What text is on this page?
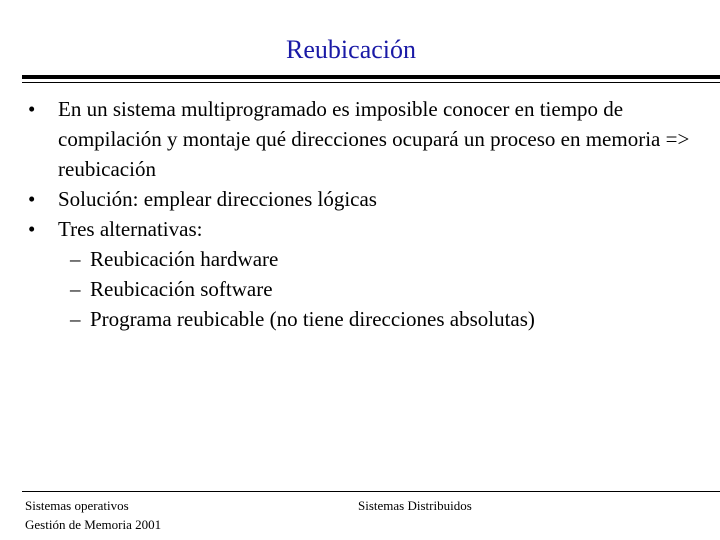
Reubicación
•	En un sistema multiprogramado es imposible conocer en tiempo de compilación y montaje qué direcciones ocupará un proceso en memoria => reubicación
•	Solución: emplear direcciones lógicas
•	Tres alternativas:
– Reubicación hardware
– Reubicación software
– Programa reubicable (no tiene direcciones absolutas)
Sistemas operativos
Gestión de Memoria 2001
Sistemas Distribuidos
